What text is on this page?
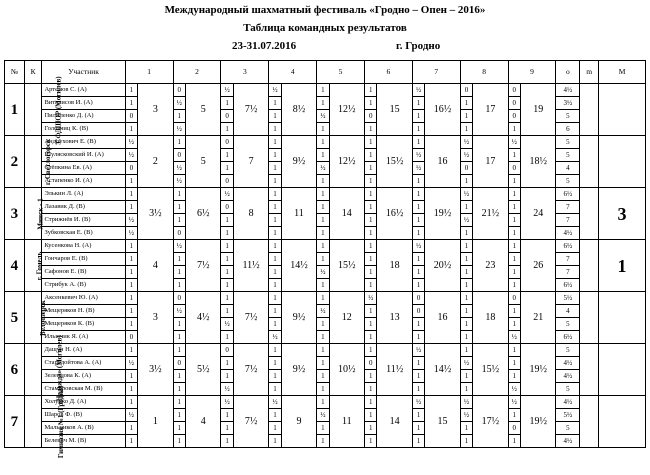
Международный шахматный фестиваль «Гродно – Опен – 2016»
Таблица командных результатов
23-31.07.2016	г. Гродно
№	К	Участник	1		2		3		4		5		6		7		8		9		о	m	М
1	СФДШОР (Могилев)	Артемов С. (А)	1	3	0	5	½	7½	½	8½	1	12½	1	15	½	16½	0	17	0	19	4½		
		Виталисов И. (А)	1		½		1		1		1		1		1		1		0		3½		
		Пилипенко Д. (А)	0		1		0		1		½		0		1		1		0		5		
		Головчиц К. (В)	1		½		1		1		1		1		1		1		1		6		
2	г. Светлогорск	Андрухович Е. (В)	½	2	1	5	0	7	1	9½	1	12½	1	15½	1	16	½	17	½	18½	5		
		Шулясковский И. (А)	½		0		1		1		1		1		½		½		1		5		
		Стёпкина Ев. (А)	0		½		1		1		½		1		½		0		0		4		
		Астапенко И. (А)	1		½		0		1		1		1		1		1		1		5		
3	Минск - 1	Элькин Л. (А)	1	3½	1	6½	½	8	1	11	1	14	1	16½	1	19½	½	21½	1	24	6½		3
		Лазавик Д. (В)	1		1		0		1		1		1		1		1		1		7		
		Стрижнёв И. (В)	½		1		1		1		1		1		1		½		1		7		
		Зубковская Е. (В)	½		0		1		1		1		1		1		1		1		4½		
4	г. Гомель	Кусенкова Н. (А)	1	4	½	7½	1	11½	1	14½	1	15½	1	18	½	20½	1	23	1	26	6½		1
		Гончаров Е. (В)	1		1		1		1		1		1		1		1		1		7		
		Сафонов Е. (В)	1		1		1		1		½		1		1		1		1		7		
		Стрибук А. (В)	1		1		1		1		1		1		1		1		1		6½		
5	Белоозерск	Аксенкевич Ю. (А)	1	3	0	4½	1	7½	1	9½	1	12	½	13	0	16	1	18	0	21	5½		
		Мещеряков Н. (В)	1		½		1		1		½		1		0		1		1		4		
		Мещеряков К. (В)	1		1		½		1		1		1		1		1		1		5		
		Ильючик Я. (А)	0		1		1		½		1		1		1		1		½		6½		
6	«Надежда» (Могилев)	Дащун Н. (А)	1	3½	1	5½	0	7½	1	9½	1	10½	1	11½	½	14½	1	15½	1	19½	5		
		Стародойтова А. (А)	½		0		1		1		1		0		1		½		1		4½		
		Зеленцова К. (А)	1		1		1		1		1		1		1		1		1		4½		
		Стамбровская М. (В)	1		1		½		1		1		1		1		1		½		5		
7	Гимназия №1 (Гродно)	Холупко Д. (А)	1	1	1	4	½	7½	½	9	1	11	1	14	½	15	½	17½	½	19½	4½		
		Шаров Ф. (В)	½		1		1		1		½		1		1		½		1		5½		
		Мальников А. (В)	1		1		1		1		1		1		1		1		0		5		
		Белевич М. (В)	1		1		1		1		1		1		1		1		1		4½		
